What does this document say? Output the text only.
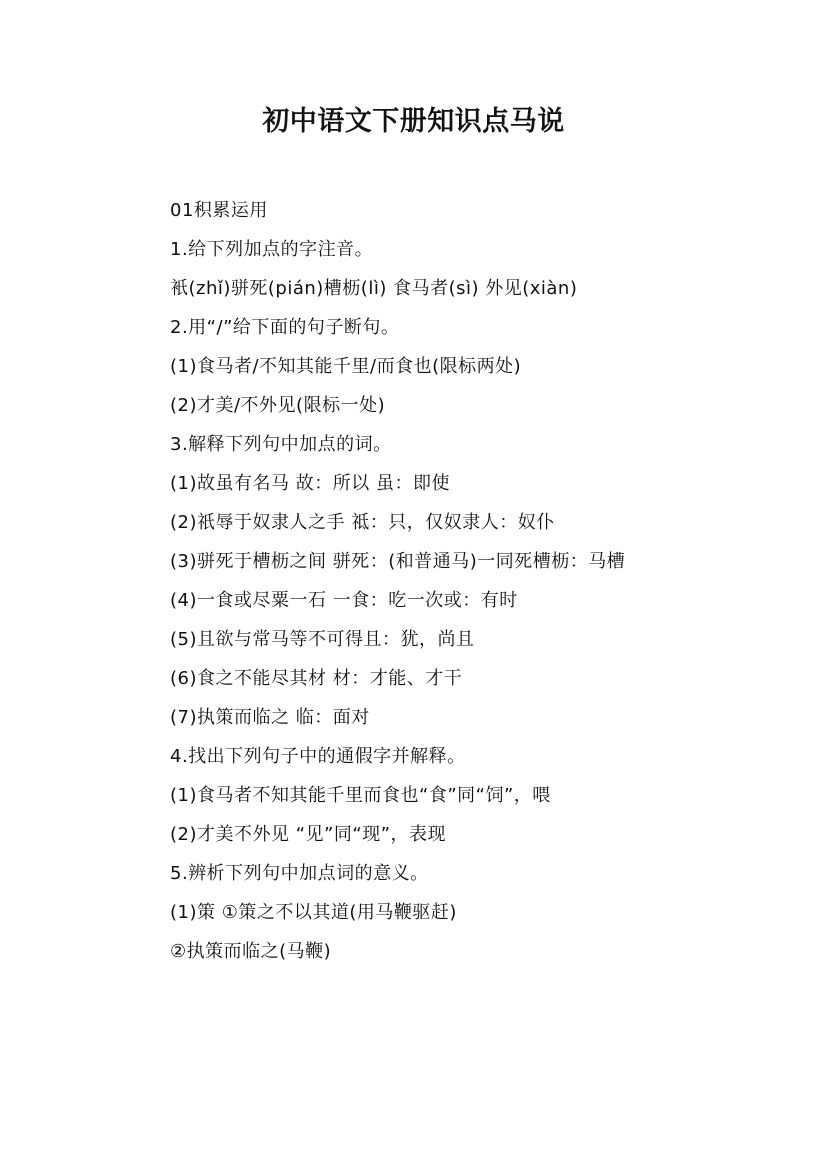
初中语文下册知识点马说

01积累运用

1.给下列加点的字注音。

衹(zhǐ)骈死(pián)槽枥(lì) 食马者(sì) 外见(xiàn)

2.用“/”给下面的句子断句。

(1)食马者/不知其能千里/而食也(限标两处)

(2)才美/不外见(限标一处)

3.解释下列句中加点的词。

(1)故虽有名马 故：所以 虽：即使

(2)祇辱于奴隶人之手 祗：只，仅奴隶人：奴仆

(3)骈死于槽枥之间 骈死：(和普通马)一同死槽枥：马槽

(4)一食或尽粟一石 一食：吃一次或：有时

(5)且欲与常马等不可得且：犹，尚且

(6)食之不能尽其材 材：才能、才干

(7)执策而临之 临：面对

4.找出下列句子中的通假字并解释。

(1)食马者不知其能千里而食也“食”同“饲”，喂

(2)才美不外见 “见”同“现”，表现

5.辨析下列句中加点词的意义。

(1)策 ①策之不以其道(用马鞭驱赶)

②执策而临之(马鞭)
